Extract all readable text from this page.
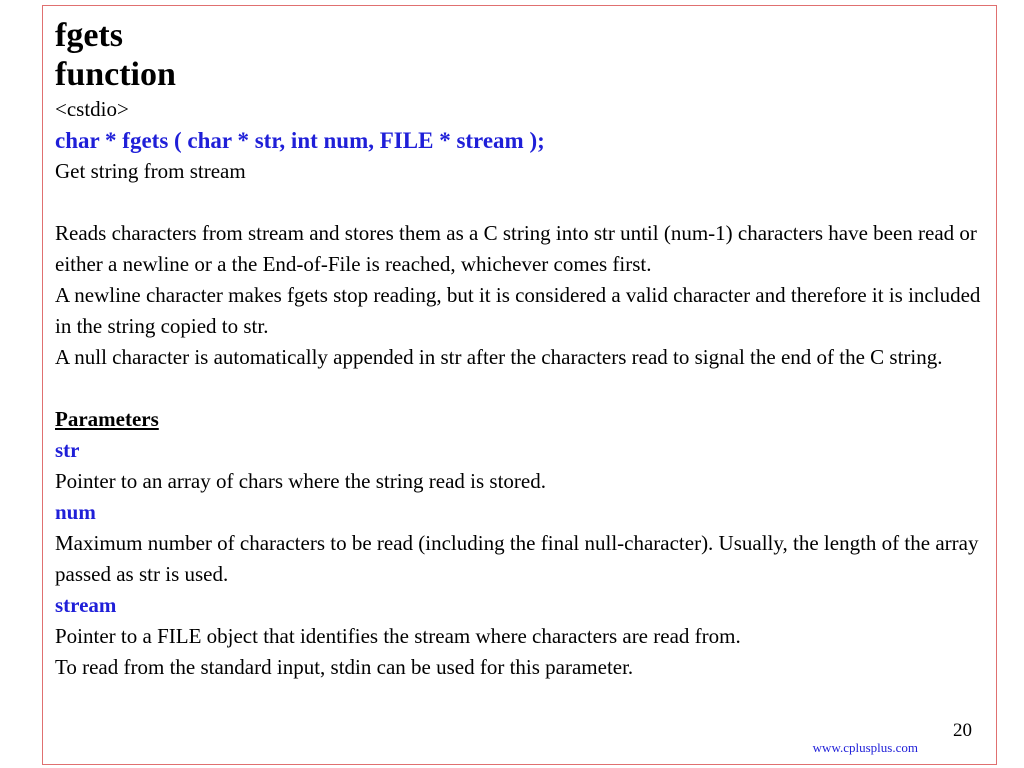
fgets
function
<cstdio>
char * fgets ( char * str, int num, FILE * stream );
Get string from stream
Reads characters from stream and stores them as a C string into str until (num-1) characters have been read or either a newline or a the End-of-File is reached, whichever comes first.
A newline character makes fgets stop reading, but it is considered a valid character and therefore it is included in the string copied to str.
A null character is automatically appended in str after the characters read to signal the end of the C string.
Parameters
str
Pointer to an array of chars where the string read is stored.
num
Maximum number of characters to be read (including the final null-character). Usually, the length of the array passed as str is used.
stream
Pointer to a FILE object that identifies the stream where characters are read from.
To read from the standard input, stdin can be used for this parameter.
20
www.cplusplus.com
